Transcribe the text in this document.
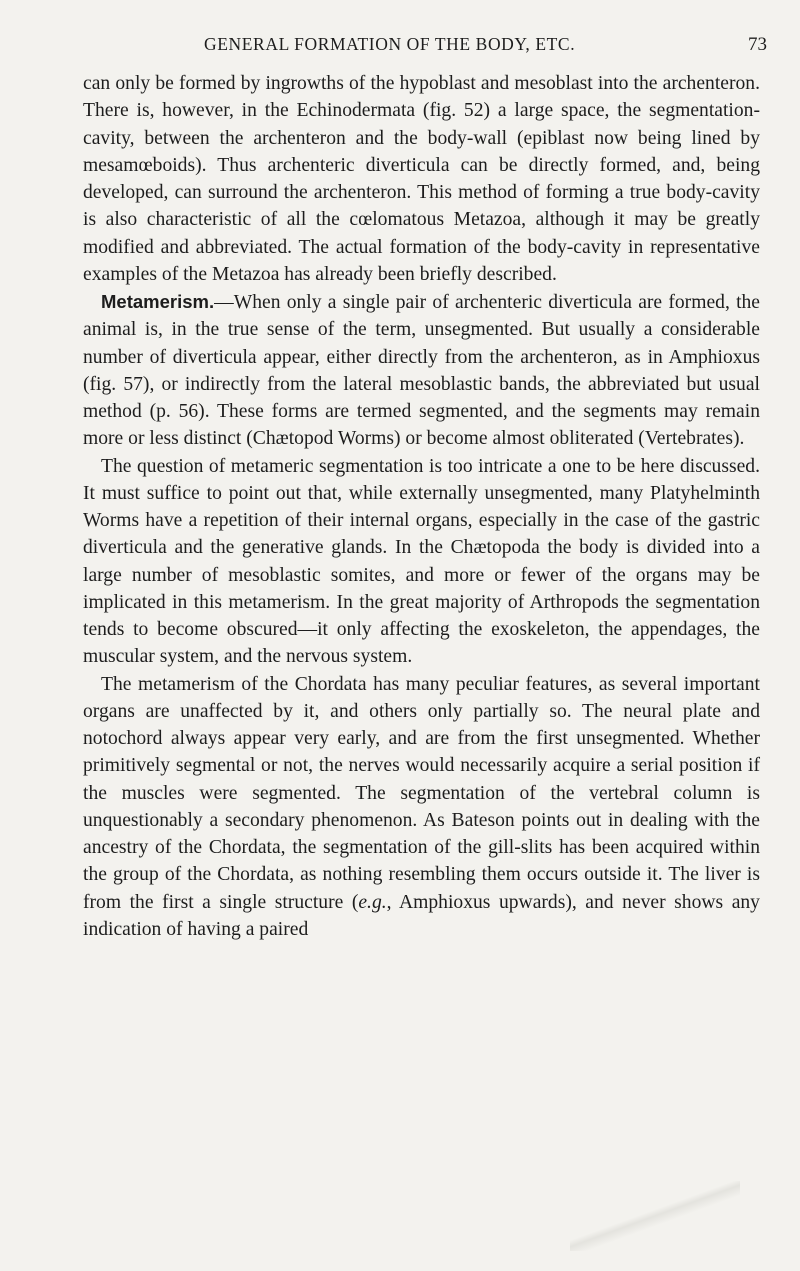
GENERAL FORMATION OF THE BODY, ETC.	73

can only be formed by ingrowths of the hypoblast and mesoblast into the archenteron. There is, however, in the Echinodermata (fig. 52) a large space, the segmentation-cavity, between the archenteron and the body-wall (epiblast now being lined by mesamœboids). Thus archenteric diverticula can be directly formed, and, being developed, can surround the archenteron. This method of forming a true body-cavity is also characteristic of all the cœlomatous Metazoa, although it may be greatly modified and abbreviated. The actual formation of the body-cavity in representative examples of the Metazoa has already been briefly described.

Metamerism.—When only a single pair of archenteric diverticula are formed, the animal is, in the true sense of the term, unsegmented. But usually a considerable number of diverticula appear, either directly from the archenteron, as in Amphioxus (fig. 57), or indirectly from the lateral mesoblastic bands, the abbreviated but usual method (p. 56). These forms are termed segmented, and the segments may remain more or less distinct (Chætopod Worms) or become almost obliterated (Vertebrates).

The question of metameric segmentation is too intricate a one to be here discussed. It must suffice to point out that, while externally unsegmented, many Platyhelminth Worms have a repetition of their internal organs, especially in the case of the gastric diverticula and the generative glands. In the Chætopoda the body is divided into a large number of mesoblastic somites, and more or fewer of the organs may be implicated in this metamerism. In the great majority of Arthropods the segmentation tends to become obscured—it only affecting the exoskeleton, the appendages, the muscular system, and the nervous system.

The metamerism of the Chordata has many peculiar features, as several important organs are unaffected by it, and others only partially so. The neural plate and notochord always appear very early, and are from the first unsegmented. Whether primitively segmental or not, the nerves would necessarily acquire a serial position if the muscles were segmented. The segmentation of the vertebral column is unquestionably a secondary phenomenon. As Bateson points out in dealing with the ancestry of the Chordata, the segmentation of the gill-slits has been acquired within the group of the Chordata, as nothing resembling them occurs outside it. The liver is from the first a single structure (e.g., Amphioxus upwards), and never shows any indication of having a paired
